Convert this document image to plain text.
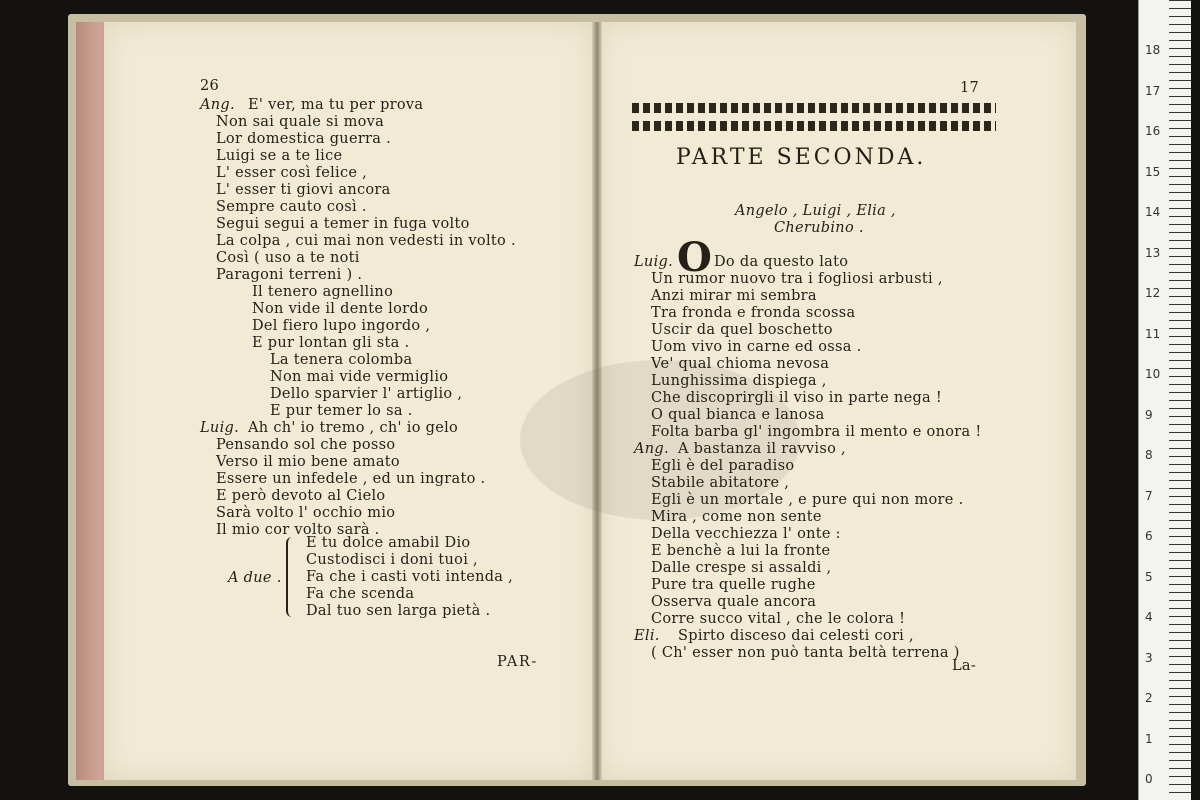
26
A due .
PAR-
17
PARTE SECONDA.
Angelo , Luigi , Elia ,
Cherubino .
Luig. O Do da questo lato
La-
0
1
2
3
4
5
6
7
8
9
10
11
12
13
14
15
16
17
18
Ang. E' ver, ma tu per prova
Non sai quale si mova
Lor domestica guerra .
Luigi se a te lice
L' esser così felice ,
L' esser ti giovi ancora
Sempre cauto così .
Segui segui a temer in fuga volto
La colpa , cui mai non vedesti in volto .
Così ( uso a te noti
Paragoni terreni ) .
Il tenero agnellino
Non vide il dente lordo
Del fiero lupo ingordo ,
E pur lontan gli sta .
La tenera colomba
Non mai vide vermiglio
Dello sparvier l' artiglio ,
E pur temer lo sa .
Luig. Ah ch' io tremo , ch' io gelo
Pensando sol che posso
Verso il mio bene amato
Essere un infedele , ed un ingrato .
E però devoto al Cielo
Sarà volto l' occhio mio
Il mio cor volto sarà .
E tu dolce amabil Dio
Custodisci i doni tuoi ,
Fa che i casti voti intenda ,
Fa che scenda
Dal tuo sen larga pietà .
Un rumor nuovo tra i fogliosi arbusti ,
Anzi mirar mi sembra
Tra fronda e fronda scossa
Uscir da quel boschetto
Uom vivo in carne ed ossa .
Ve' qual chioma nevosa
Lunghissima dispiega ,
Che discoprirgli il viso in parte nega !
O qual bianca e lanosa
Folta barba gl' ingombra il mento e onora !
Ang. A bastanza il ravviso ,
Egli è del paradiso
Stabile abitatore ,
Egli è un mortale , e pure qui non more .
Mira , come non sente
Della vecchiezza l' onte :
E benchè a lui la fronte
Dalle crespe si assaldi ,
Pure tra quelle rughe
Osserva quale ancora
Corre succo vital , che le colora !
Eli. Spirto disceso dai celesti cori ,
( Ch' esser non può tanta beltà terrena )
